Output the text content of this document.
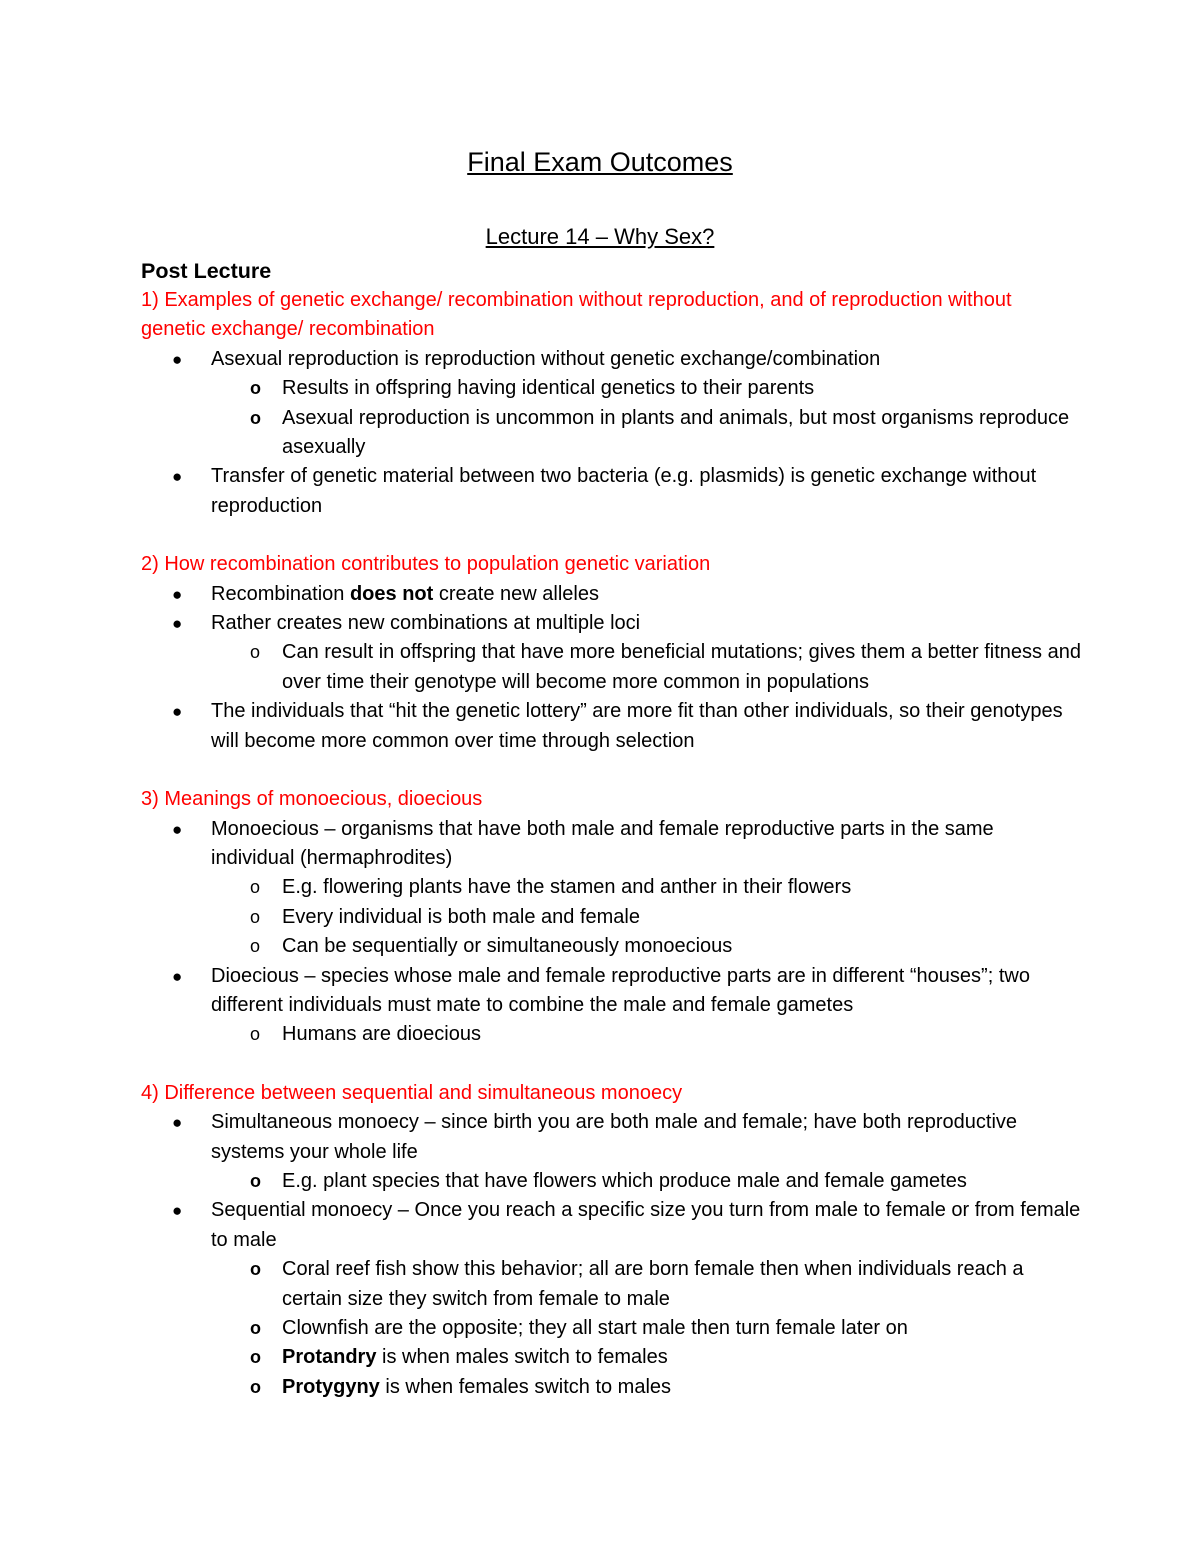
Final Exam Outcomes
Lecture 14 – Why Sex?
Post Lecture
1) Examples of genetic exchange/ recombination without reproduction, and of reproduction without genetic exchange/ recombination
● Asexual reproduction is reproduction without genetic exchange/combination
o Results in offspring having identical genetics to their parents
o Asexual reproduction is uncommon in plants and animals, but most organisms reproduce asexually
● Transfer of genetic material between two bacteria (e.g. plasmids) is genetic exchange without reproduction
2) How recombination contributes to population genetic variation
● Recombination does not create new alleles
● Rather creates new combinations at multiple loci
o Can result in offspring that have more beneficial mutations; gives them a better fitness and over time their genotype will become more common in populations
● The individuals that “hit the genetic lottery” are more fit than other individuals, so their genotypes will become more common over time through selection
3) Meanings of monoecious, dioecious
● Monoecious – organisms that have both male and female reproductive parts in the same individual (hermaphrodites)
o E.g. flowering plants have the stamen and anther in their flowers
o Every individual is both male and female
o Can be sequentially or simultaneously monoecious
● Dioecious – species whose male and female reproductive parts are in different “houses”; two different individuals must mate to combine the male and female gametes
o Humans are dioecious
4) Difference between sequential and simultaneous monoecy
● Simultaneous monoecy – since birth you are both male and female; have both reproductive systems your whole life
o E.g. plant species that have flowers which produce male and female gametes
● Sequential monoecy – Once you reach a specific size you turn from male to female or from female to male
o Coral reef fish show this behavior; all are born female then when individuals reach a certain size they switch from female to male
o Clownfish are the opposite; they all start male then turn female later on
o Protandry is when males switch to females
o Protygyny is when females switch to males
